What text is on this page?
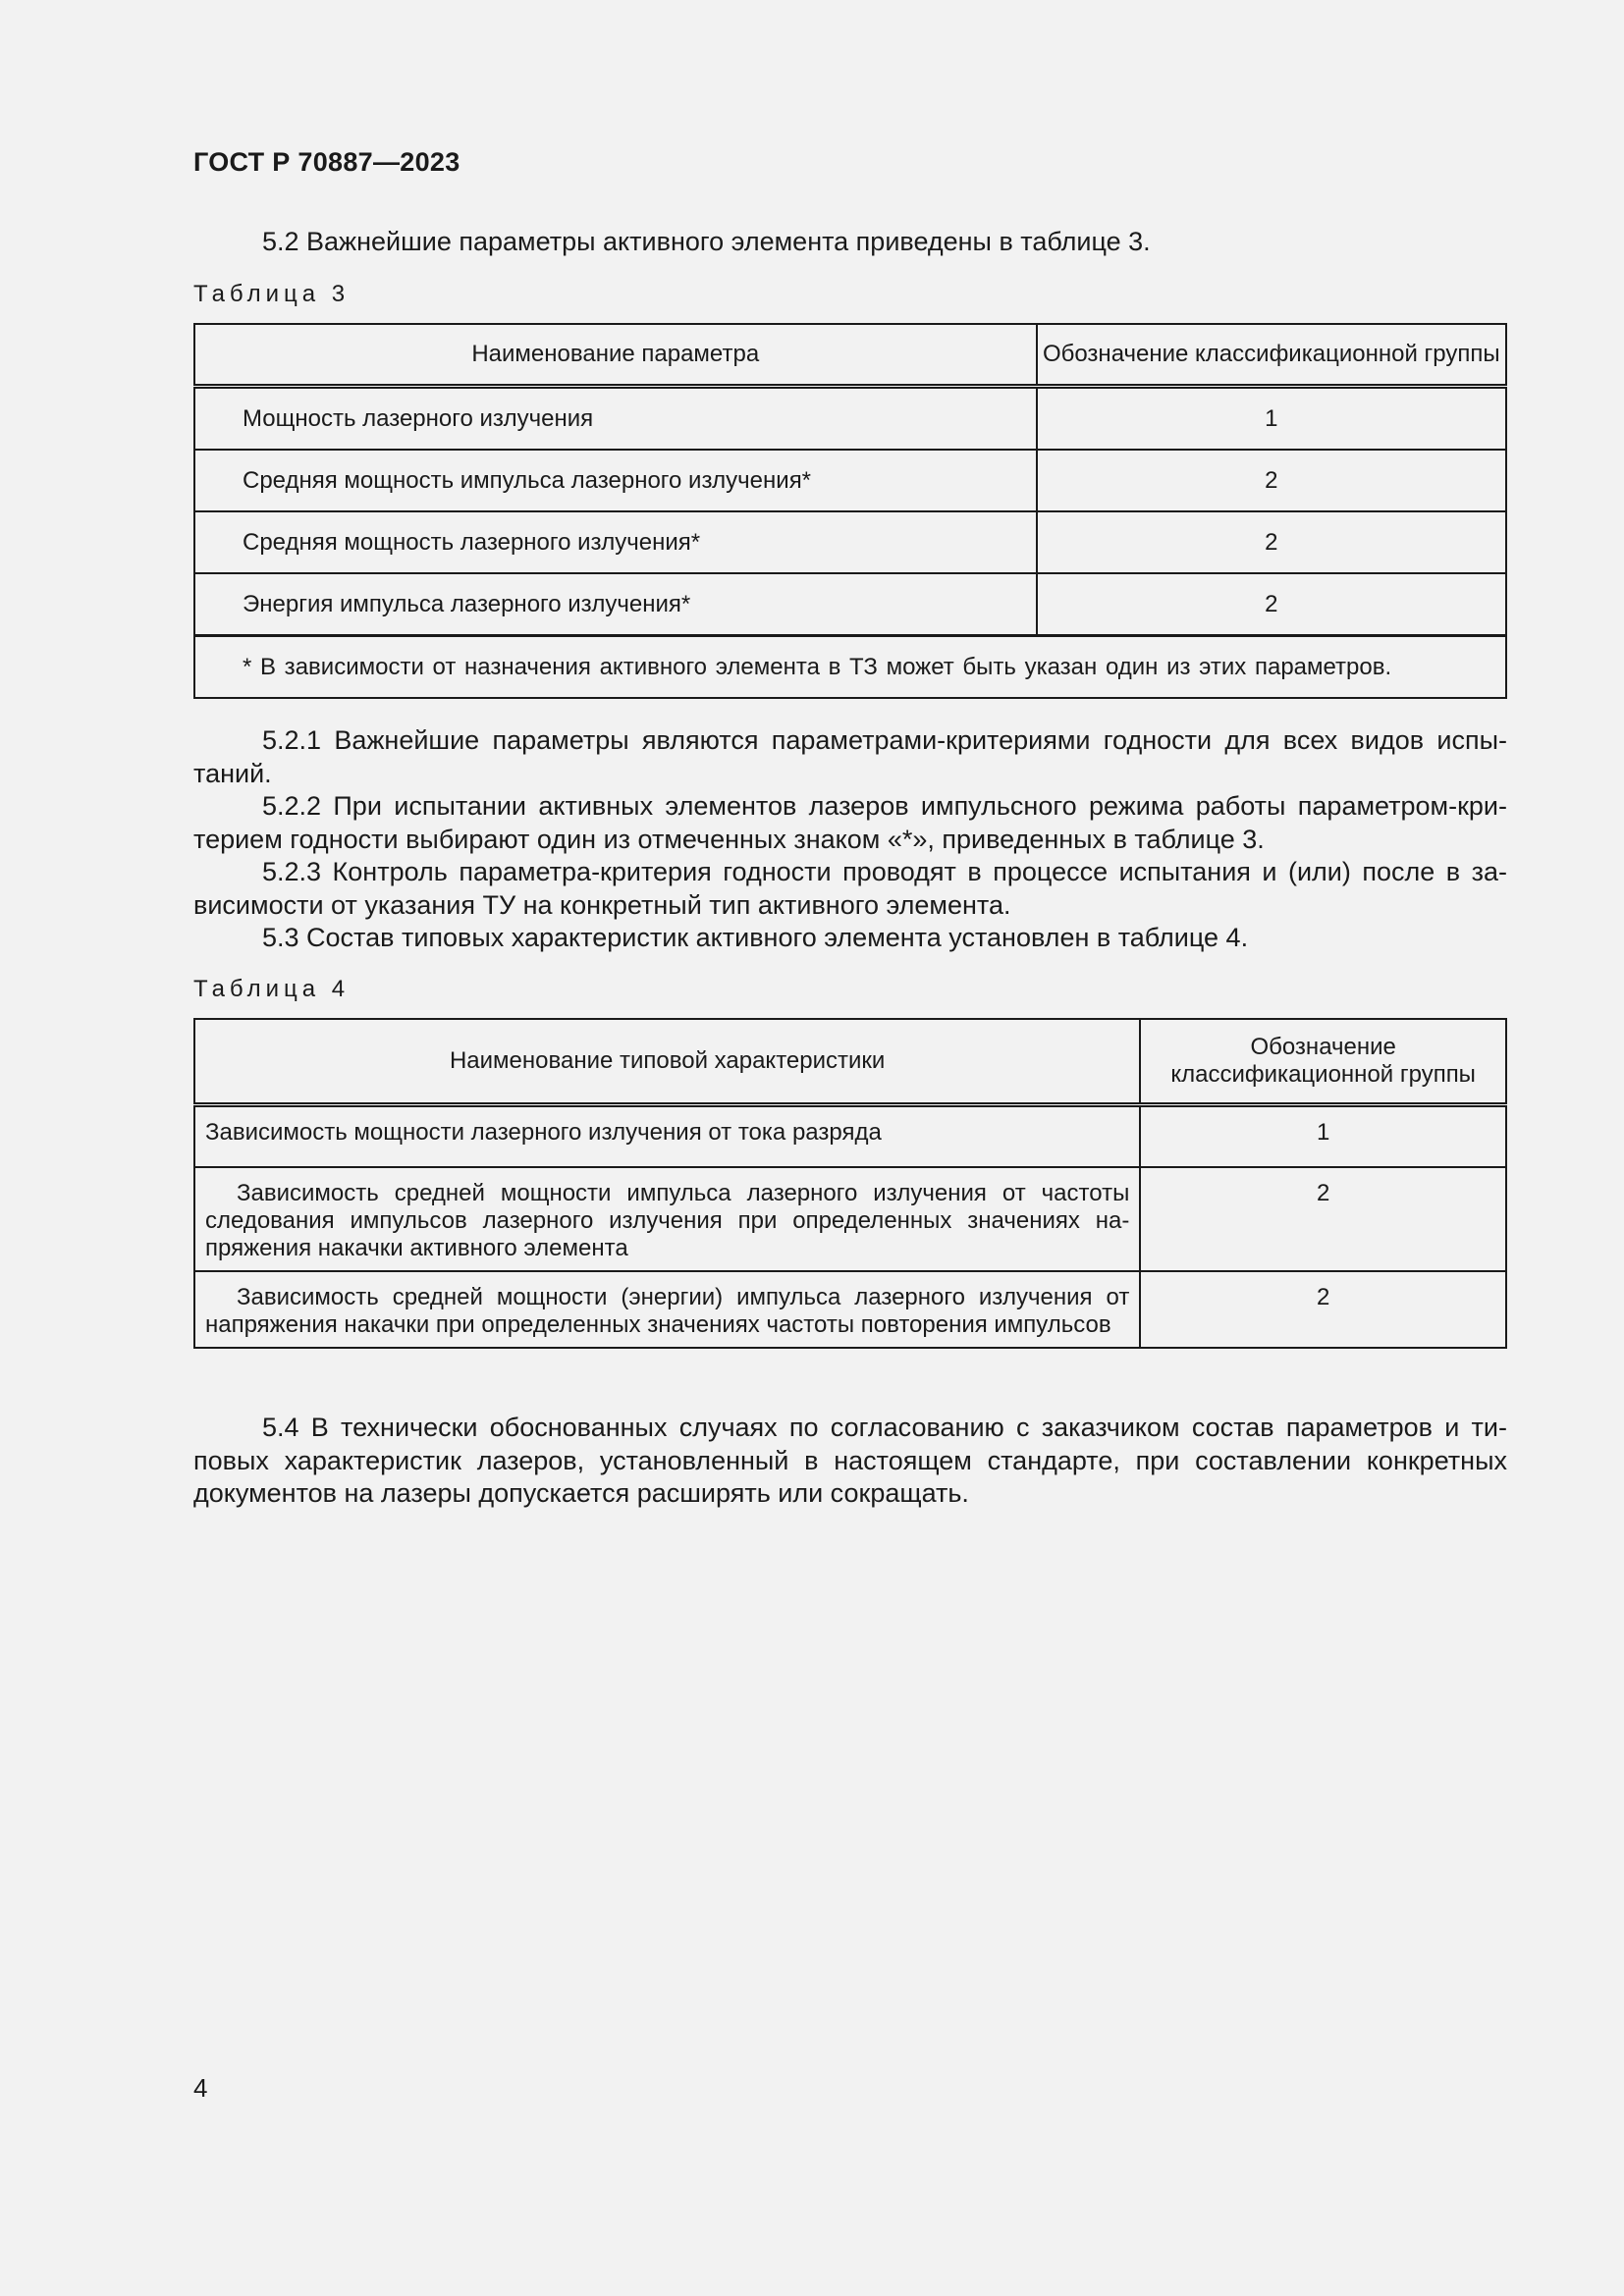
ГОСТ Р 70887—2023
5.2 Важнейшие параметры активного элемента приведены в таблице 3.
Таблица 3
Наименование параметра	Обозначение классификационной группы
Мощность лазерного излучения	1
Средняя мощность импульса лазерного излучения*	2
Средняя мощность лазерного излучения*	2
Энергия импульса лазерного излучения*	2
* В зависимости от назначения активного элемента в ТЗ может быть указан один из этих параметров.	
5.2.1 Важнейшие параметры являются параметрами-критериями годности для всех видов испытаний.
5.2.2 При испытании активных элементов лазеров импульсного режима работы параметром-критерием годности выбирают один из отмеченных знаком «*», приведенных в таблице 3.
5.2.3 Контроль параметра-критерия годности проводят в процессе испытания и (или) после в зависимости от указания ТУ на конкретный тип активного элемента.
5.3 Состав типовых характеристик активного элемента установлен в таблице 4.
Таблица 4
Наименование типовой характеристики	Обозначение классификационной группы
Зависимость мощности лазерного излучения от тока разряда	1
Зависимость средней мощности импульса лазерного излучения от частоты следования импульсов лазерного излучения при определенных значениях напряжения накачки активного элемента	2
Зависимость средней мощности (энергии) импульса лазерного излучения от напряжения накачки при определенных значениях частоты повторения импульсов	2
5.4 В технически обоснованных случаях по согласованию с заказчиком состав параметров и типовых характеристик лазеров, установленный в настоящем стандарте, при составлении конкретных документов на лазеры допускается расширять или сокращать.
4
